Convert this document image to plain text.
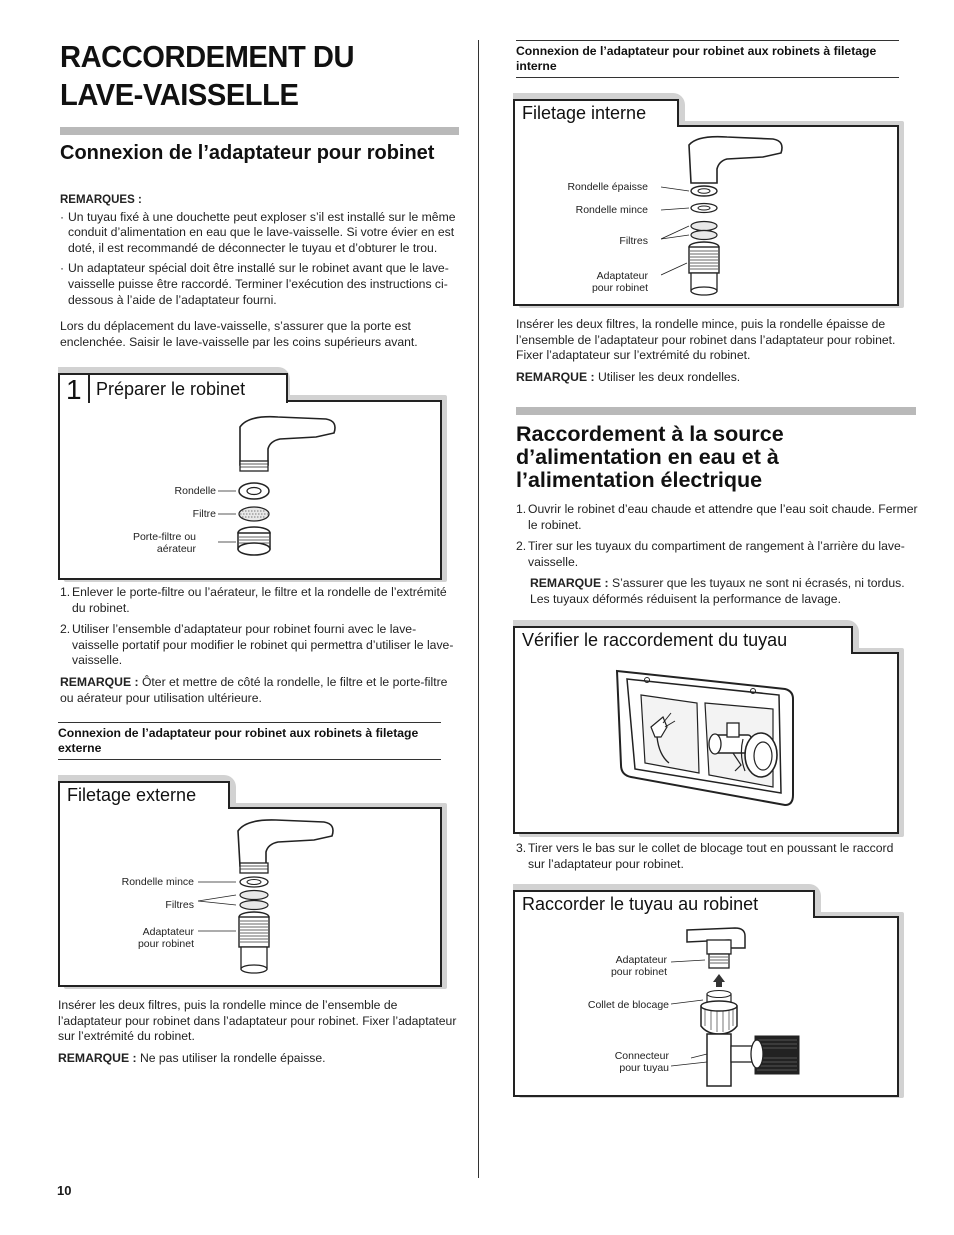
RACCORDEMENT DU
LAVE-VAISSELLE
Connexion de l’adaptateur pour robinet
REMARQUES :
· Un tuyau fixé à une douchette peut exploser s’il est installé sur le même conduit d’alimentation en eau que le lave-vaisselle. Si votre évier en est doté, il est recommandé de déconnecter le tuyau et d’obturer le trou.
· Un adaptateur spécial doit être installé sur le robinet avant que le lave-vaisselle puisse être raccordé. Terminer l’exécution des instructions ci-dessous à l’aide de l’adaptateur fourni.
Lors du déplacement du lave-vaisselle, s’assurer que la porte est enclenchée. Saisir le lave-vaisselle par les coins supérieurs avant.
1 Préparer le robinet
Rondelle
Filtre
Porte-filtre ou
aérateur
1. Enlever le porte-filtre ou l’aérateur, le filtre et la rondelle de l’extrémité du robinet.
2. Utiliser l’ensemble d’adaptateur pour robinet fourni avec le lave-vaisselle portatif pour modifier le robinet qui permettra d’utiliser le lave-vaisselle.
REMARQUE : Ôter et mettre de côté la rondelle, le filtre et le porte-filtre ou aérateur pour utilisation ultérieure.
Connexion de l’adaptateur pour robinet aux robinets à filetage externe
Filetage externe
Rondelle mince
Filtres
Adaptateur
pour robinet
Insérer les deux filtres, puis la rondelle mince de l’ensemble de l’adaptateur pour robinet dans l’adaptateur pour robinet. Fixer l’adaptateur sur l’extrémité du robinet.
REMARQUE : Ne pas utiliser la rondelle épaisse.
10
Connexion de l’adaptateur pour robinet aux robinets à filetage interne
Filetage interne
Rondelle épaisse
Rondelle mince
Filtres
Adaptateur
pour robinet
Insérer les deux filtres, la rondelle mince, puis la rondelle épaisse de l’ensemble de l’adaptateur pour robinet dans l’adaptateur pour robinet. Fixer l’adaptateur sur l’extrémité du robinet.
REMARQUE : Utiliser les deux rondelles.
Raccordement à la source d’alimentation en eau et à l’alimentation électrique
1. Ouvrir le robinet d’eau chaude et attendre que l’eau soit chaude. Fermer le robinet.
2. Tirer sur les tuyaux du compartiment de rangement à l’arrière du lave-vaisselle.
REMARQUE : S’assurer que les tuyaux ne sont ni écrasés, ni tordus. Les tuyaux déformés réduisent la performance de lavage.
Vérifier le raccordement du tuyau
3. Tirer vers le bas sur le collet de blocage tout en poussant le raccord sur l’adaptateur pour robinet.
Raccorder le tuyau au robinet
Adaptateur
pour robinet
Collet de blocage
Connecteur
pour tuyau
